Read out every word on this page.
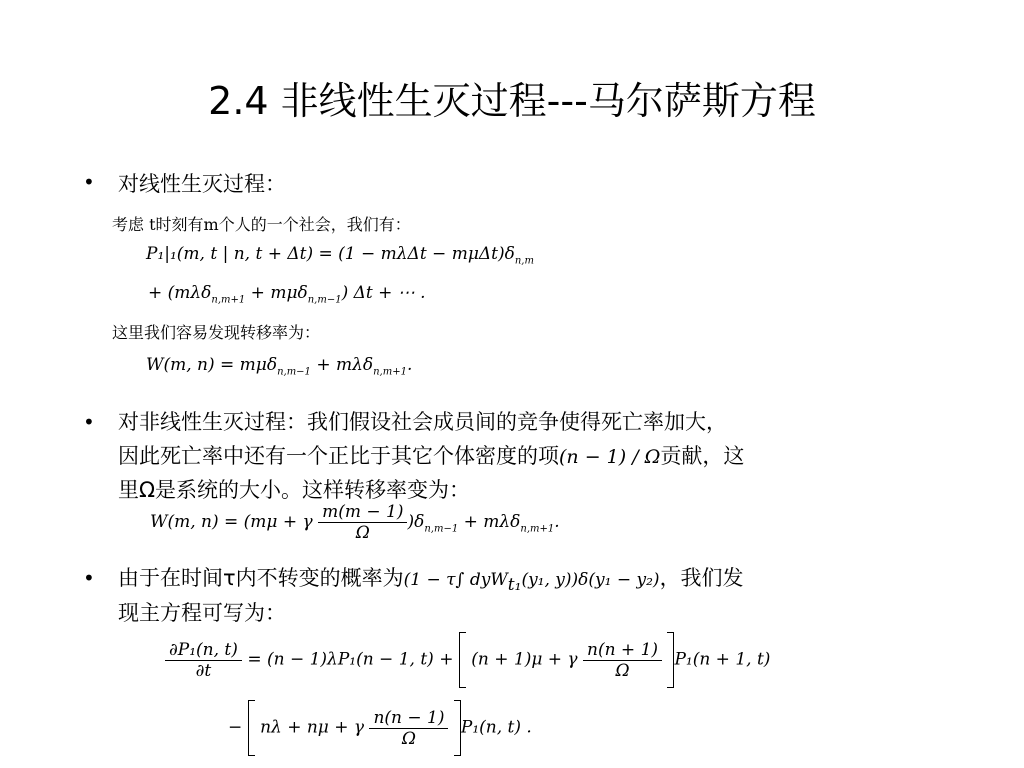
2.4 非线性生灭过程---马尔萨斯方程
• 对线性生灭过程：
考虑 t时刻有m个人的一个社会，我们有：
P₁|₁(m, t | n, $t + \Delta t) = (1 - m\lambda\Delta t - m\mu\Delta t)\delta_{n,m}$
+ (mλδ$_{n,m+1}$ + mμδ$_{n,m-1}$) Δt + ⋯ .
这里我们容易发现转移率为：
W(m, n) = mμδ$_{n,m-1}$ + mλδ$_{n,m+1}$.
• 对非线性生灭过程：我们假设社会成员间的竞争使得死亡率加大，
因此死亡率中还有一个正比于其它个体密度的项(n − 1) / Ω贡献，这
里Ω是系统的大小。这样转移率变为：
W(m, n) = (mμ + γ $\frac{m(m - 1)}{\Omega} )\delta_{n,m-1} + m\lambda\delta_{n,m+1}$.
• 由于在时间τ内不转变的概率为(1 − τ∫ dyW$_{t_1}$(y₁, y))δ(y₁ − y₂)，我们发
现主方程可写为：
$\frac{\text{∂P₁(n, t)}}{\partial t} = (n - 1)\lambda P_1(n - 1$, t) + (n + 1)μ + γ $\frac{n(n + 1)}{\Omega} P_1(n + 1$, t)
− nλ + nμ + γ $\frac{n(n - 1)}{\Omega} P_1(n$, t) .
